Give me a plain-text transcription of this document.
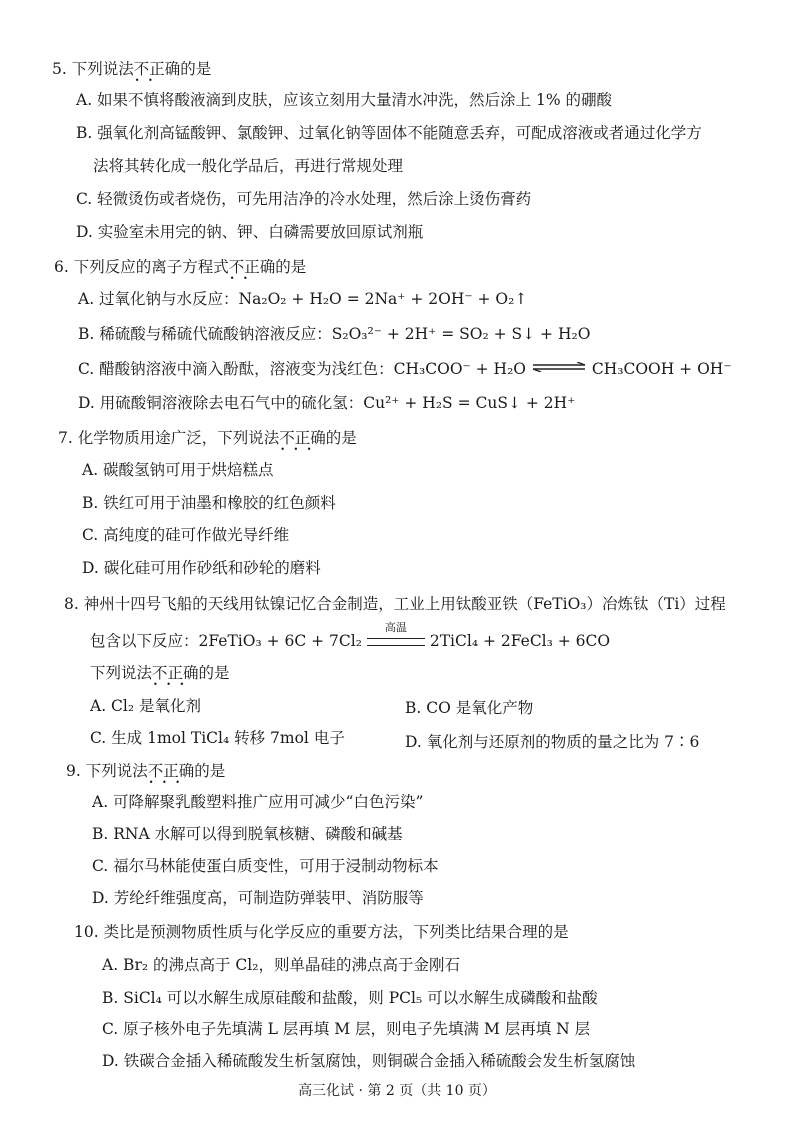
5. 下列说法不正 • •确的是
A. 如果不慎将酸液滴到皮肤，应该立刻用大量清水冲洗，然后涂上 1% 的硼酸
B. 强氧化剂高锰酸钾、氯酸钾、过氧化钠等固体不能随意丢弃，可配成溶液或者通过化学方
法将其转化成一般化学品后，再进行常规处理
C. 轻微烫伤或者烧伤，可先用洁净的冷水处理，然后涂上烫伤膏药
D. 实验室未用完的钠、钾、白磷需要放回原试剂瓶
6. 下列反应的离子方程式不正 • •确的是
A. 过氧化钠与水反应：Na₂O₂ + H₂O = 2Na⁺ + 2OH⁻ + O₂↑
B. 稀硫酸与稀硫代硫酸钠溶液反应：S₂O₃²⁻ + 2H⁺ = SO₂ + S↓ + H₂O
C. 醋酸钠溶液中滴入酚酞，溶液变为浅红色：CH₃COO⁻ + H₂O ⇌ CH₃COOH + OH⁻
D. 用硫酸铜溶液除去电石气中的硫化氢：Cu²⁺ + H₂S = CuS↓ + 2H⁺
7. 化学物质用途广泛，下列说法不正确 • • •的是
A. 碳酸氢钠可用于烘焙糕点
B. 铁红可用于油墨和橡胶的红色颜料
C. 高纯度的硅可作做光导纤维
D. 碳化硅可用作砂纸和砂轮的磨料
8. 神州十四号飞船的天线用钛镍记忆合金制造，工业上用钛酸亚铁（FeTiO₃）冶炼钛（Ti）过程
包含以下反应：2FeTiO₃ + 6C + 7Cl₂
高温
2TiCl₄ + 2FeCl₃ + 6CO
下列说法不正确 • • •的是
A. Cl₂ 是氧化剂	B. CO 是氧化产物
C. 生成 1mol TiCl₄ 转移 7mol 电子	D. 氧化剂与还原剂的物质的量之比为 7∶6
9. 下列说法不正确 • • •的是
A. 可降解聚乳酸塑料推广应用可减少“白色污染”
B. RNA 水解可以得到脱氧核糖、磷酸和碱基
C. 福尔马林能使蛋白质变性，可用于浸制动物标本
D. 芳纶纤维强度高，可制造防弹装甲、消防服等
10. 类比是预测物质性质与化学反应的重要方法，下列类比结果合理的是
A. Br₂ 的沸点高于 Cl₂，则单晶硅的沸点高于金刚石
B. SiCl₄ 可以水解生成原硅酸和盐酸，则 PCl₅ 可以水解生成磷酸和盐酸
C. 原子核外电子先填满 L 层再填 M 层，则电子先填满 M 层再填 N 层
D. 铁碳合金插入稀硫酸发生析氢腐蚀，则铜碳合金插入稀硫酸会发生析氢腐蚀
高三化试 · 第 2 页（共 10 页）
